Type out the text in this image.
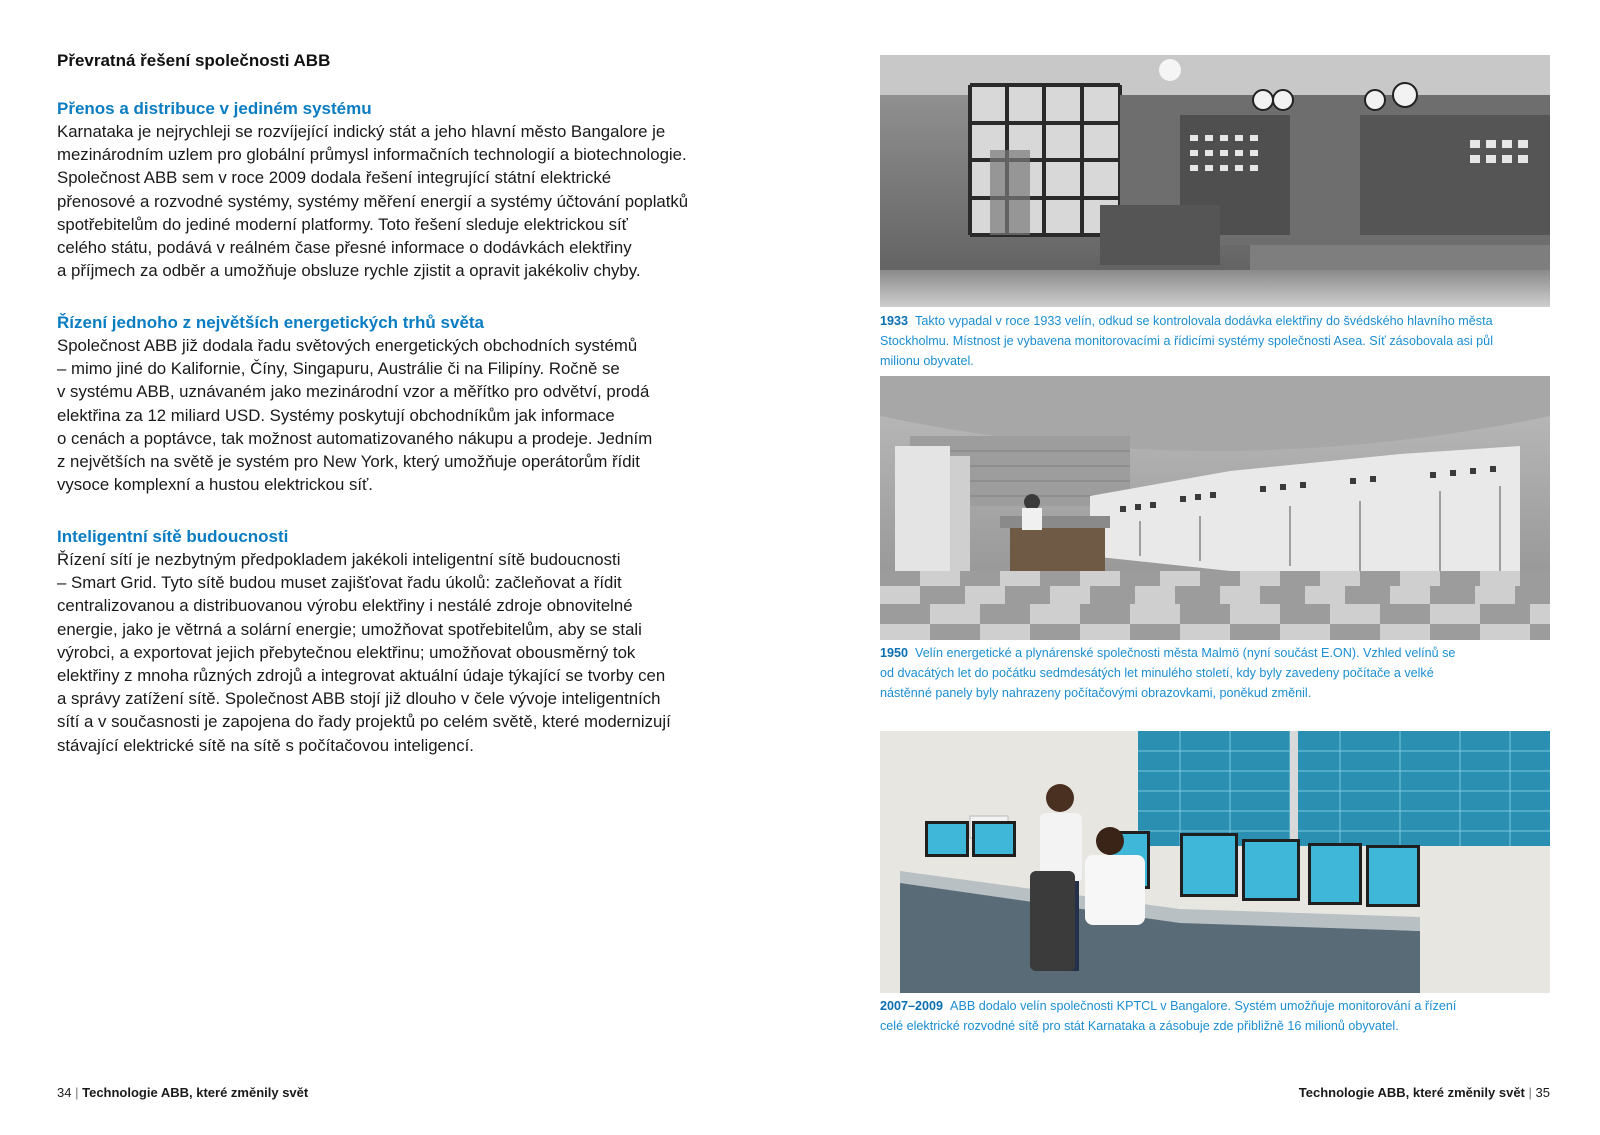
Převratná řešení společnosti ABB
Přenos a distribuce v jediném systému

Karnataka je nejrychleji se rozvíjející indický stát a jeho hlavní město Bangalore je
mezinárodním uzlem pro globální průmysl informačních technologií a biotechnologie.
Společnost ABB sem v roce 2009 dodala řešení integrující státní elektrické
přenosové a rozvodné systémy, systémy měření energií a systémy účtování poplatků
spotřebitelům do jediné moderní platformy. Toto řešení sleduje elektrickou síť
celého státu, podává v reálném čase přesné informace o dodávkách elektřiny
a příjmech za odběr a umožňuje obsluze rychle zjistit a opravit jakékoliv chyby.

Řízení jednoho z největších energetických trhů světa

Společnost ABB již dodala řadu světových energetických obchodních systémů
– mimo jiné do Kalifornie, Číny, Singapuru, Austrálie či na Filipíny. Ročně se
v systému ABB, uznávaném jako mezinárodní vzor a měřítko pro odvětví, prodá
elektřina za 12 miliard USD. Systémy poskytují obchodníkům jak informace
o cenách a poptávce, tak možnost automatizovaného nákupu a prodeje. Jedním
z největších na světě je systém pro New York, který umožňuje operátorům řídit
vysoce komplexní a hustou elektrickou síť.

Inteligentní sítě budoucnosti

Řízení sítí je nezbytným předpokladem jakékoli inteligentní sítě budoucnosti
– Smart Grid. Tyto sítě budou muset zajišťovat řadu úkolů: začleňovat a řídit
centralizovanou a distribuovanou výrobu elektřiny i nestálé zdroje obnovitelné
energie, jako je větrná a solární energie; umožňovat spotřebitelům, aby se stali
výrobci, a exportovat jejich přebytečnou elektřinu; umožňovat obousměrný tok
elektřiny z mnoha různých zdrojů a integrovat aktuální údaje týkající se tvorby cen
a správy zatížení sítě. Společnost ABB stojí již dlouho v čele vývoje inteligentních
sítí a v současnosti je zapojena do řady projektů po celém světě, které modernizují
stávající elektrické sítě na sítě s počítačovou inteligencí.

1933 Takto vypadal v roce 1933 velín, odkud se kontrolovala dodávka elektřiny do švédského hlavního města
Stockholmu. Místnost je vybavena monitorovacími a řídicími systémy společnosti Asea. Síť zásobovala asi půl
milionu obyvatel.
1950 Velín energetické a plynárenské společnosti města Malmö (nyní součást E.ON). Vzhled velínů se
od dvacátých let do počátku sedmdesátých let minulého století, kdy byly zavedeny počítače a velké
nástěnné panely byly nahrazeny počítačovými obrazovkami, poněkud změnil.
2007–2009 ABB dodalo velín společnosti KPTCL v Bangalore. Systém umožňuje monitorování a řízení
celé elektrické rozvodné sítě pro stát Karnataka a zásobuje zde přibližně 16 milionů obyvatel.
34 | Technologie ABB, které změnily svět	Technologie ABB, které změnily svět | 35
